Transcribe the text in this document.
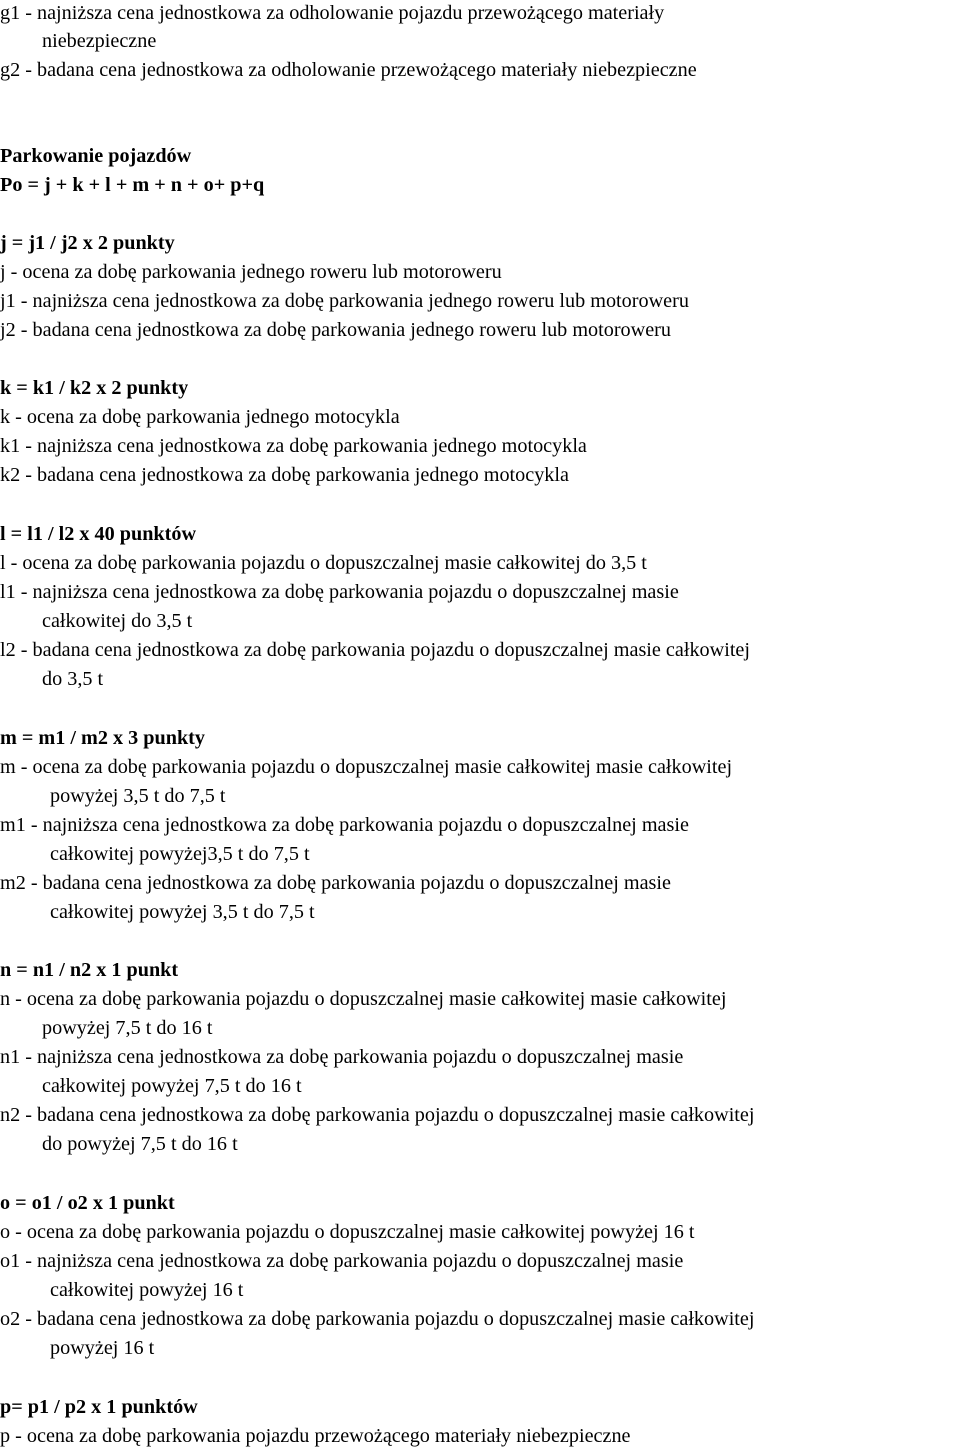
g1 - najniższa cena jednostkowa za odholowanie pojazdu przewożącego materiały
niebezpieczne
g2 - badana cena jednostkowa za odholowanie przewożącego materiały niebezpieczne
Parkowanie pojazdów
Po = j + k + l + m + n + o+ p+q
j = j1 / j2 x 2 punkty
j - ocena za dobę parkowania jednego roweru lub motoroweru
j1 - najniższa cena jednostkowa za dobę parkowania jednego roweru lub motoroweru
j2 - badana cena jednostkowa za dobę parkowania jednego roweru lub motoroweru
k = k1 / k2 x 2 punkty
k - ocena za dobę parkowania jednego motocykla
k1 - najniższa cena jednostkowa za dobę parkowania jednego motocykla
k2 - badana cena jednostkowa za dobę parkowania jednego motocykla
l = l1 / l2 x 40 punktów
l - ocena za dobę parkowania pojazdu o dopuszczalnej masie całkowitej do 3,5 t
l1 - najniższa cena jednostkowa za dobę parkowania pojazdu o dopuszczalnej masie
całkowitej do 3,5 t
l2 - badana cena jednostkowa za dobę parkowania pojazdu o dopuszczalnej masie całkowitej
do 3,5 t
m = m1 / m2 x 3 punkty
m - ocena za dobę parkowania pojazdu o dopuszczalnej masie całkowitej masie całkowitej
powyżej 3,5 t do 7,5 t
m1 - najniższa cena jednostkowa za dobę parkowania pojazdu o dopuszczalnej masie
całkowitej powyżej3,5 t do 7,5 t
m2 - badana cena jednostkowa za dobę parkowania pojazdu o dopuszczalnej masie
całkowitej powyżej 3,5 t do 7,5 t
n = n1 / n2 x 1 punkt
n - ocena za dobę parkowania pojazdu o dopuszczalnej masie całkowitej masie całkowitej
powyżej 7,5 t do 16 t
n1 - najniższa cena jednostkowa za dobę parkowania pojazdu o dopuszczalnej masie
całkowitej powyżej 7,5 t do 16 t
n2 - badana cena jednostkowa za dobę parkowania pojazdu o dopuszczalnej masie całkowitej
do powyżej 7,5 t do 16 t
o = o1 / o2 x 1 punkt
o - ocena za dobę parkowania pojazdu o dopuszczalnej masie całkowitej powyżej 16 t
o1 - najniższa cena jednostkowa za dobę parkowania pojazdu o dopuszczalnej masie
całkowitej powyżej 16 t
o2 - badana cena jednostkowa za dobę parkowania pojazdu o dopuszczalnej masie całkowitej
powyżej 16 t
p= p1 / p2 x 1 punktów
p - ocena za dobę parkowania pojazdu przewożącego materiały niebezpieczne
